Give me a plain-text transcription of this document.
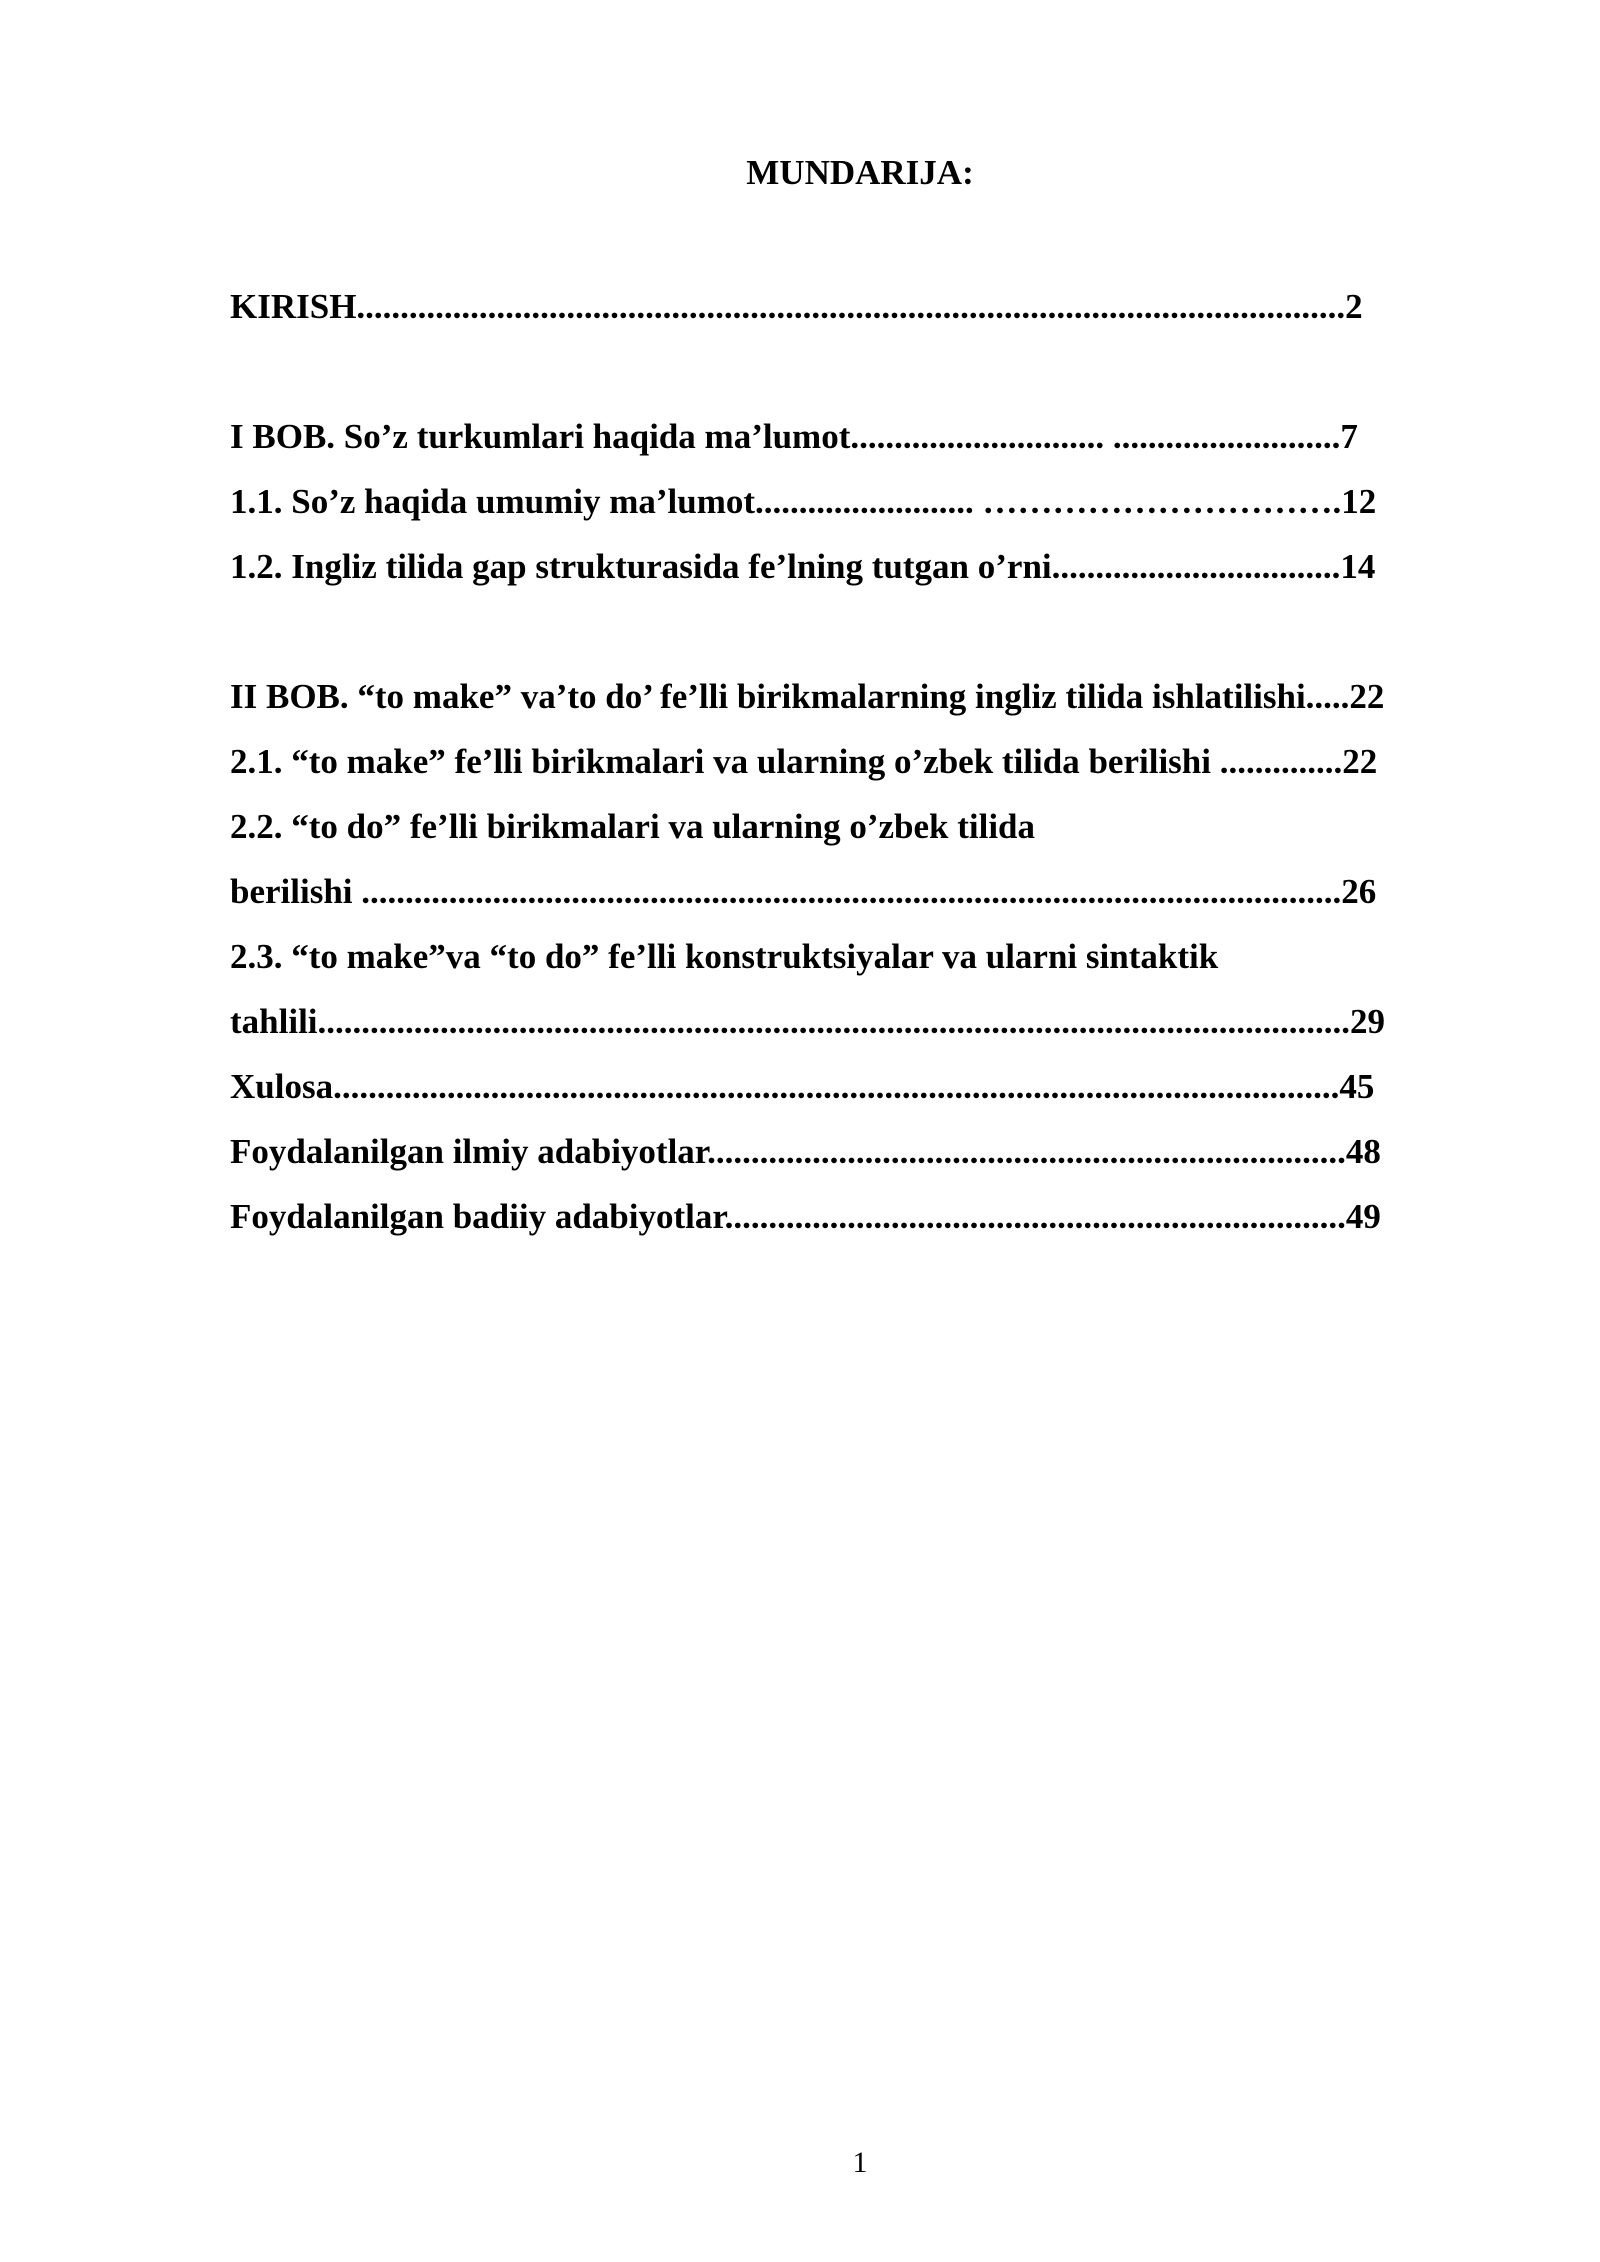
MUNDARIJA:
KIRISH.................................................................................................................2
I BOB. So’z turkumlari haqida ma’lumot............................. ..........................7
1.1. So’z haqida umumiy ma’lumot......................... ………………………….12
1.2. Ingliz tilida gap strukturasida fe’lning tutgan o’rni.................................14
II BOB. “to make” va’to do’ fe’lli birikmalarning ingliz tilida ishlatilishi.....22
2.1. “to make” fe’lli birikmalari va ularning o’zbek tilida berilishi ..............22
2.2. “to do” fe’lli birikmalari va ularning o’zbek tilida
berilishi ................................................................................................................26
2.3. “to make”va “to do” fe’lli konstruktsiyalar va ularni sintaktik
tahlili......................................................................................................................29
Xulosa...................................................................................................................45
Foydalanilgan ilmiy adabiyotlar.........................................................................48
Foydalanilgan badiiy adabiyotlar.......................................................................49
1
